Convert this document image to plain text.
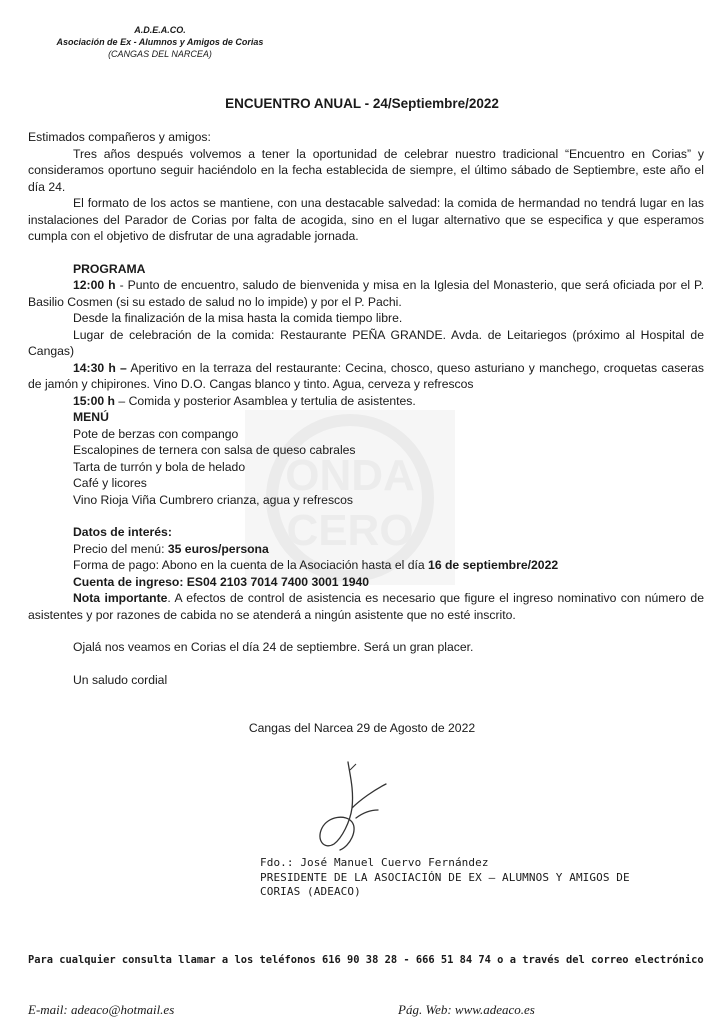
ONDA
CERO
A.D.E.A.CO.
Asociación de Ex - Alumnos y Amigos de Corias
(CANGAS DEL NARCEA)
ENCUENTRO ANUAL - 24/Septiembre/2022

Estimados compañeros y amigos:

Tres años después volvemos a tener la oportunidad de celebrar nuestro tradicional “Encuentro en Corias” y consideramos oportuno seguir haciéndolo en la fecha establecida de siempre, el último sábado de Septiembre, este año el día 24.

El formato de los actos se mantiene, con una destacable salvedad: la comida de hermandad no tendrá lugar en las instalaciones del Parador de Corias por falta de acogida, sino en el lugar alternativo que se especifica y que esperamos cumpla con el objetivo de disfrutar de una agradable jornada.

PROGRAMA

12:00 h - Punto de encuentro, saludo de bienvenida y misa en la Iglesia del Monasterio, que será oficiada por el P. Basilio Cosmen (si su estado de salud no lo impide) y por el P. Pachi.

Desde la finalización de la misa hasta la comida tiempo libre.

Lugar de celebración de la comida: Restaurante PEÑA GRANDE. Avda. de Leitariegos (próximo al Hospital de Cangas)

14:30 h – Aperitivo en la terraza del restaurante: Cecina, chosco, queso asturiano y manchego, croquetas caseras de jamón y chipirones. Vino D.O. Cangas blanco y tinto. Agua, cerveza y refrescos

15:00 h – Comida y posterior Asamblea y tertulia de asistentes.

MENÚ

Pote de berzas con compango

Escalopines de ternera con salsa de queso cabrales

Tarta de turrón y bola de helado

Café y licores

Vino Rioja Viña Cumbrero crianza, agua y refrescos

Datos de interés:

Precio del menú: 35 euros/persona

Forma de pago: Abono en la cuenta de la Asociación hasta el día 16 de septiembre/2022

Cuenta de ingreso: ES04 2103 7014 7400 3001 1940

Nota importante. A efectos de control de asistencia es necesario que figure el ingreso nominativo con número de asistentes y por razones de cabida no se atenderá a ningún asistente que no esté inscrito.

Ojalá nos veamos en Corias el día 24 de septiembre. Será un gran placer.

Un saludo cordial

Cangas del Narcea 29 de Agosto de 2022
Fdo.: José Manuel Cuervo Fernández
PRESIDENTE DE LA ASOCIACIÓN DE EX – ALUMNOS Y AMIGOS DE
CORIAS (ADEACO)
Para cualquier consulta llamar a los teléfonos 616 90 38 28 - 666 51 84 74 o a través del correo electrónico
E-mail: adeaco@hotmail.es	Pág. Web: www.adeaco.es
